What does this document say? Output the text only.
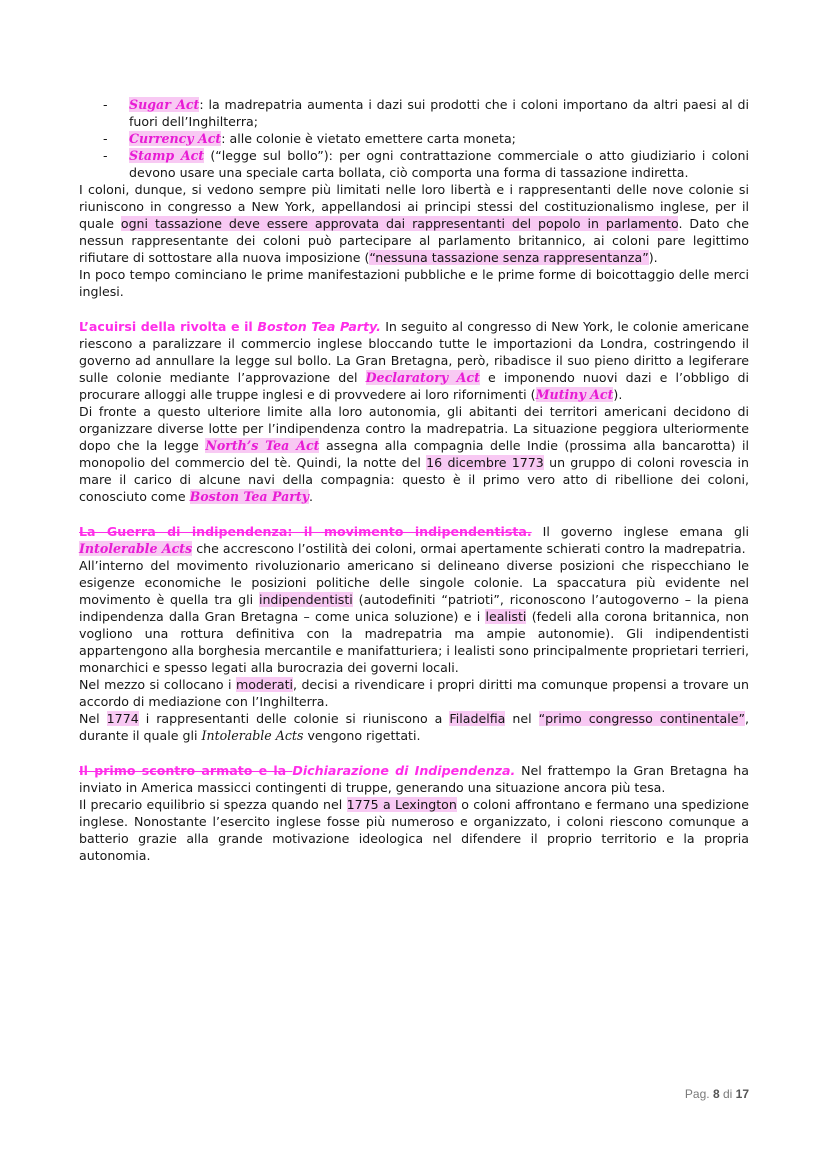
- Sugar Act: la madrepatria aumenta i dazi sui prodotti che i coloni importano da altri paesi al di fuori dell’Inghilterra;
- Currency Act: alle colonie è vietato emettere carta moneta;
- Stamp Act (“legge sul bollo”): per ogni contrattazione commerciale o atto giudiziario i coloni devono usare una speciale carta bollata, ciò comporta una forma di tassazione indiretta.

I coloni, dunque, si vedono sempre più limitati nelle loro libertà e i rappresentanti delle nove colonie si riuniscono in congresso a New York, appellandosi ai principi stessi del costituzionalismo inglese, per il quale ogni tassazione deve essere approvata dai rappresentanti del popolo in parlamento. Dato che nessun rappresentante dei coloni può partecipare al parlamento britannico, ai coloni pare legittimo rifiutare di sottostare alla nuova imposizione (“nessuna tassazione senza rappresentanza”).

In poco tempo cominciano le prime manifestazioni pubbliche e le prime forme di boicottaggio delle merci inglesi.

L’acuirsi della rivolta e il Boston Tea Party. In seguito al congresso di New York, le colonie americane riescono a paralizzare il commercio inglese bloccando tutte le importazioni da Londra, costringendo il governo ad annullare la legge sul bollo. La Gran Bretagna, però, ribadisce il suo pieno diritto a legiferare sulle colonie mediante l’approvazione del Declaratory Act e imponendo nuovi dazi e l’obbligo di procurare alloggi alle truppe inglesi e di provvedere ai loro rifornimenti (Mutiny Act).

Di fronte a questo ulteriore limite alla loro autonomia, gli abitanti dei territori americani decidono di organizzare diverse lotte per l’indipendenza contro la madrepatria. La situazione peggiora ulteriormente dopo che la legge North’s Tea Act assegna alla compagnia delle Indie (prossima alla bancarotta) il monopolio del commercio del tè. Quindi, la notte del 16 dicembre 1773 un gruppo di coloni rovescia in mare il carico di alcune navi della compagnia: questo è il primo vero atto di ribellione dei coloni, conosciuto come Boston Tea Party.

La Guerra di indipendenza: il movimento indipendentista. Il governo inglese emana gli Intolerable Acts che accrescono l’ostilità dei coloni, ormai apertamente schierati contro la madrepatria.

All’interno del movimento rivoluzionario americano si delineano diverse posizioni che rispecchiano le esigenze economiche le posizioni politiche delle singole colonie. La spaccatura più evidente nel movimento è quella tra gli indipendentisti (autodefiniti “patrioti”, riconoscono l’autogoverno – la piena indipendenza dalla Gran Bretagna – come unica soluzione) e i lealisti (fedeli alla corona britannica, non vogliono una rottura definitiva con la madrepatria ma ampie autonomie). Gli indipendentisti appartengono alla borghesia mercantile e manifatturiera; i lealisti sono principalmente proprietari terrieri, monarchici e spesso legati alla burocrazia dei governi locali.

Nel mezzo si collocano i moderati, decisi a rivendicare i propri diritti ma comunque propensi a trovare un accordo di mediazione con l’Inghilterra.

Nel 1774 i rappresentanti delle colonie si riuniscono a Filadelfia nel “primo congresso continentale”, durante il quale gli Intolerable Acts vengono rigettati.

Il primo scontro armato e la Dichiarazione di Indipendenza. Nel frattempo la Gran Bretagna ha inviato in America massicci contingenti di truppe, generando una situazione ancora più tesa.

Il precario equilibrio si spezza quando nel 1775 a Lexington o coloni affrontano e fermano una spedizione inglese. Nonostante l’esercito inglese fosse più numeroso e organizzato, i coloni riescono comunque a batterio grazie alla grande motivazione ideologica nel difendere il proprio territorio e la propria autonomia.

Pag. 8 di 17
